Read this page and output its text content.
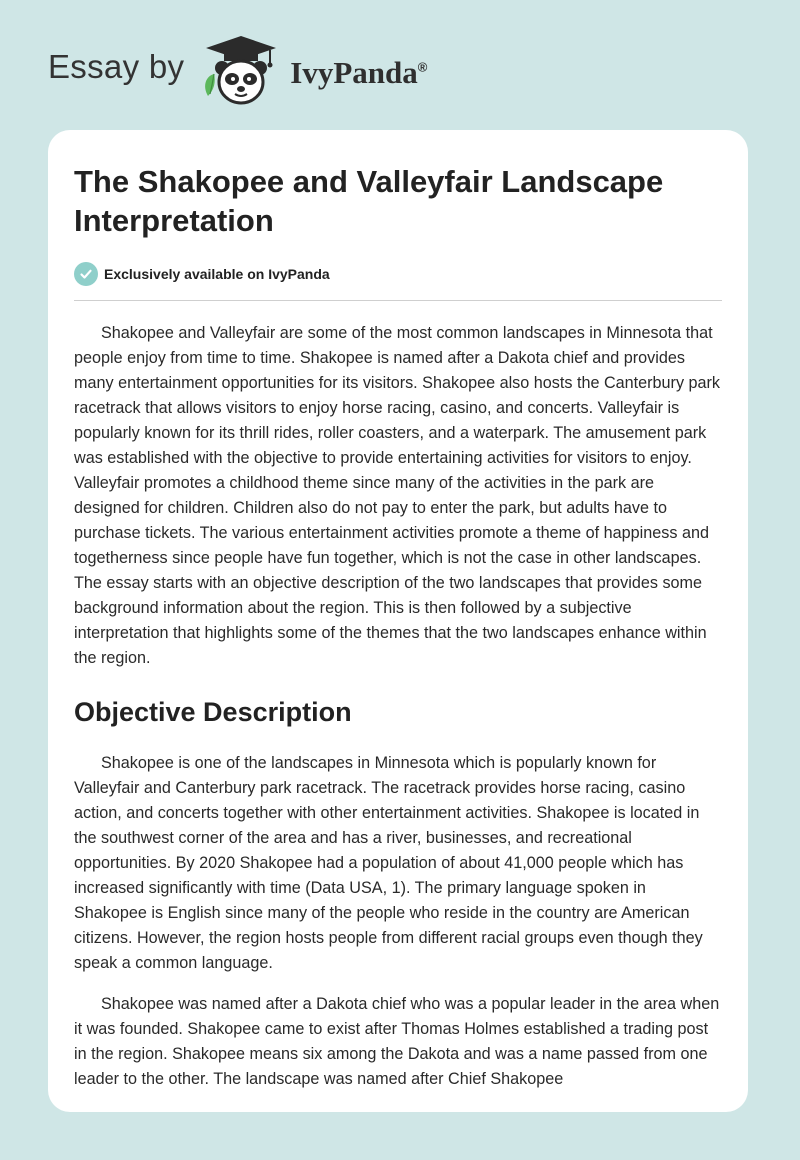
Essay by	IvyPanda®
The Shakopee and Valleyfair Landscape Interpretation
Exclusively available on IvyPanda

Shakopee and Valleyfair are some of the most common landscapes in Minnesota that people enjoy from time to time. Shakopee is named after a Dakota chief and provides many entertainment opportunities for its visitors. Shakopee also hosts the Canterbury park racetrack that allows visitors to enjoy horse racing, casino, and concerts. Valleyfair is popularly known for its thrill rides, roller coasters, and a waterpark. The amusement park was established with the objective to provide entertaining activities for visitors to enjoy. Valleyfair promotes a childhood theme since many of the activities in the park are designed for children. Children also do not pay to enter the park, but adults have to purchase tickets. The various entertainment activities promote a theme of happiness and togetherness since people have fun together, which is not the case in other landscapes. The essay starts with an objective description of the two landscapes that provides some background information about the region. This is then followed by a subjective interpretation that highlights some of the themes that the two landscapes enhance within the region.

Objective Description

Shakopee is one of the landscapes in Minnesota which is popularly known for Valleyfair and Canterbury park racetrack. The racetrack provides horse racing, casino action, and concerts together with other entertainment activities. Shakopee is located in the southwest corner of the area and has a river, businesses, and recreational opportunities. By 2020 Shakopee had a population of about 41,000 people which has increased significantly with time (Data USA, 1). The primary language spoken in Shakopee is English since many of the people who reside in the country are American citizens. However, the region hosts people from different racial groups even though they speak a common language.

Shakopee was named after a Dakota chief who was a popular leader in the area when it was founded. Shakopee came to exist after Thomas Holmes established a trading post in the region. Shakopee means six among the Dakota and was a name passed from one leader to the other. The landscape was named after Chief Shakopee
